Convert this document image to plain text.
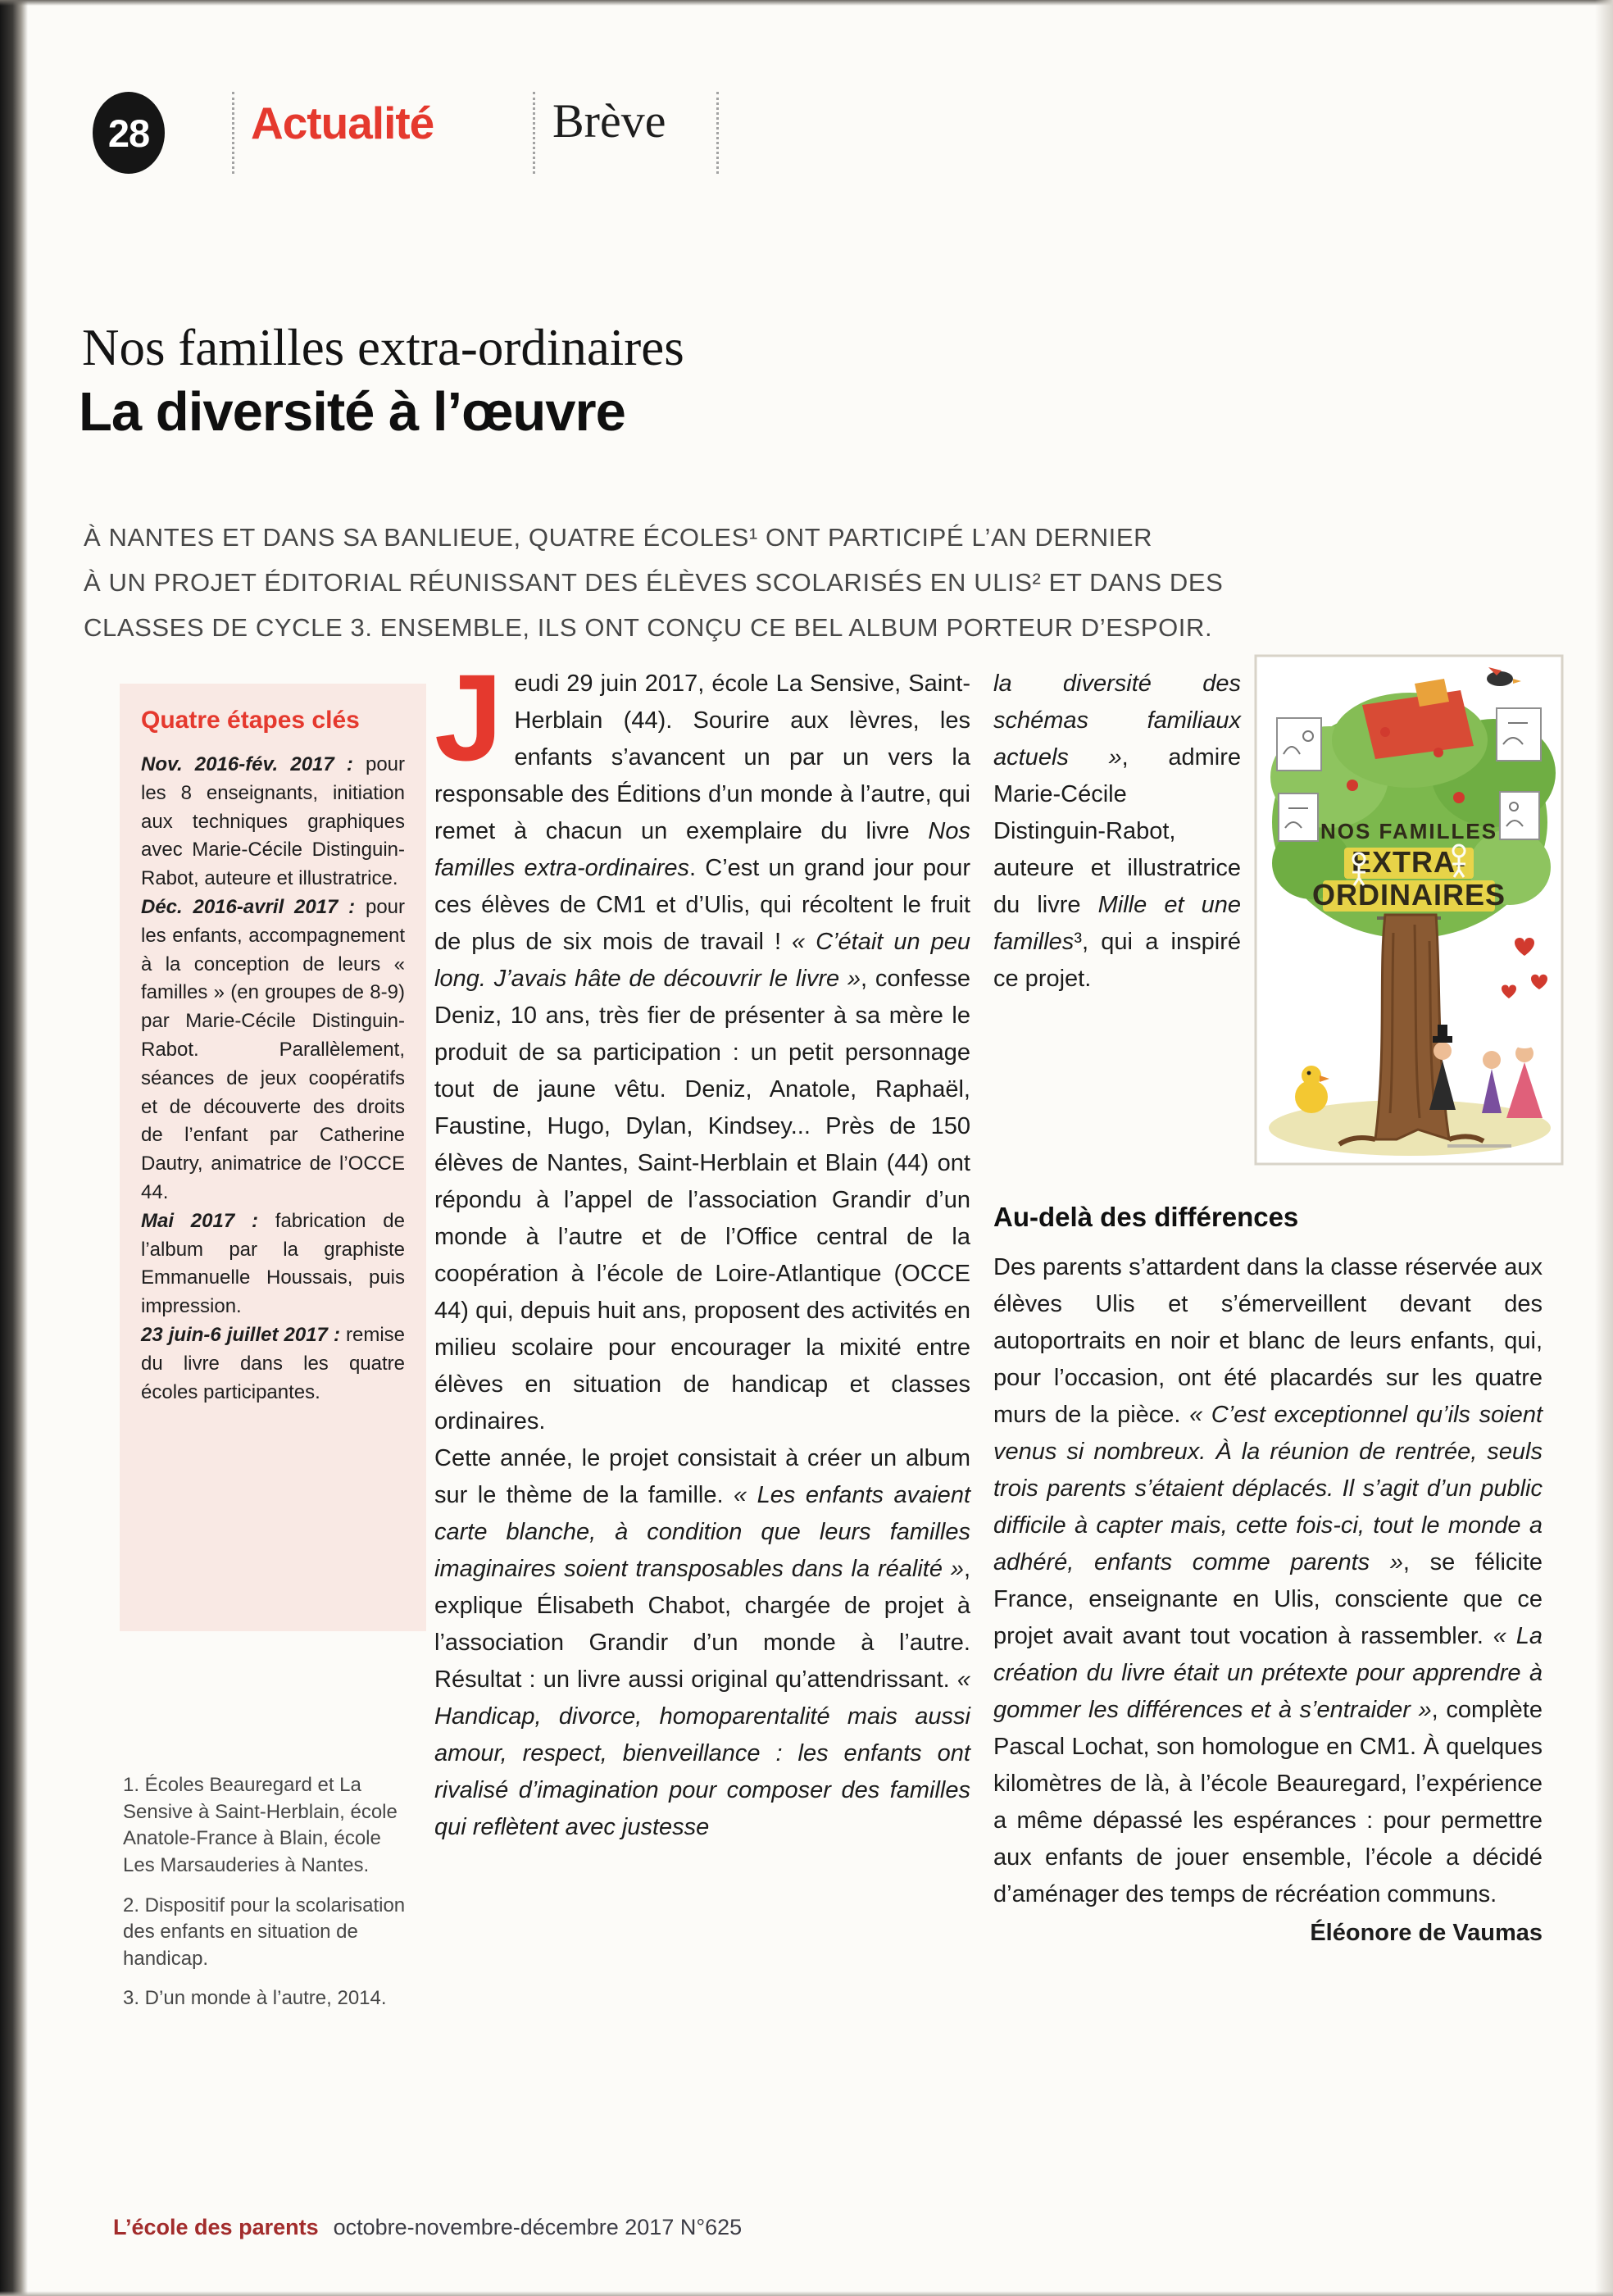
28 Actualité Brève
Nos familles extra-ordinaires
La diversité à l’œuvre
À NANTES ET DANS SA BANLIEUE, QUATRE ÉCOLES¹ ONT PARTICIPÉ L’AN DERNIER
À UN PROJET ÉDITORIAL RÉUNISSANT DES ÉLÈVES SCOLARISÉS EN ULIS² ET DANS DES
CLASSES DE CYCLE 3. ENSEMBLE, ILS ONT CONÇU CE BEL ALBUM PORTEUR D’ESPOIR.

Quatre étapes clés

Nov. 2016-fév. 2017 : pour les 8 enseignants, initiation aux techniques graphiques avec Marie-Cécile Distinguin-Rabot, auteure et illustratrice.
Déc. 2016-avril 2017 : pour les enfants, accompagnement à la conception de leurs « familles » (en groupes de 8-9) par Marie-Cécile Distinguin-Rabot. Parallèlement, séances de jeux coopératifs et de découverte des droits de l’enfant par Catherine Dautry, animatrice de l’OCCE 44.
Mai 2017 : fabrication de l’album par la graphiste Emmanuelle Houssais, puis impression.
23 juin-6 juillet 2017 : remise du livre dans les quatre écoles participantes.

1. Écoles Beauregard et La Sensive à Saint-Herblain, école Anatole-France à Blain, école Les Marsauderies à Nantes.

2. Dispositif pour la scolarisation des enfants en situation de handicap.

3. D’un monde à l’autre, 2014.

Jeudi 29 juin 2017, école La Sensive, Saint-Herblain (44). Sourire aux lèvres, les enfants s’avancent un par un vers la responsable des Éditions d’un monde à l’autre, qui remet à chacun un exemplaire du livre Nos familles extra-ordinaires. C’est un grand jour pour ces élèves de CM1 et d’Ulis, qui récoltent le fruit de plus de six mois de travail ! « C’était un peu long. J’avais hâte de découvrir le livre », confesse Deniz, 10 ans, très fier de présenter à sa mère le produit de sa participation : un petit personnage tout de jaune vêtu. Deniz, Anatole, Raphaël, Faustine, Hugo, Dylan, Kindsey... Près de 150 élèves de Nantes, Saint-Herblain et Blain (44) ont répondu à l’appel de l’association Grandir d’un monde à l’autre et de l’Office central de la coopération à l’école de Loire-Atlantique (OCCE 44) qui, depuis huit ans, proposent des activités en milieu scolaire pour encourager la mixité entre élèves en situation de handicap et classes ordinaires.

Cette année, le projet consistait à créer un album sur le thème de la famille. « Les enfants avaient carte blanche, à condition que leurs familles imaginaires soient transposables dans la réalité », explique Élisabeth Chabot, chargée de projet à l’association Grandir d’un monde à l’autre. Résultat : un livre aussi original qu’attendrissant. « Handicap, divorce, homoparentalité mais aussi amour, respect, bienveillance : les enfants ont rivalisé d’imagination pour composer des familles qui reflètent avec justesse

la diversité des schémas familiaux actuels », admire Marie-Cécile Distinguin-Rabot, auteure et illustratrice du livre Mille et une familles³, qui a inspiré ce projet.
NOS FAMILLES
EXTRA-
ORDINAIRES
Au-delà des différences

Des parents s’attardent dans la classe réservée aux élèves Ulis et s’émerveillent devant des autoportraits en noir et blanc de leurs enfants, qui, pour l’occasion, ont été placardés sur les quatre murs de la pièce. « C’est exceptionnel qu’ils soient venus si nombreux. À la réunion de rentrée, seuls trois parents s’étaient déplacés. Il s’agit d’un public difficile à capter mais, cette fois-ci, tout le monde a adhéré, enfants comme parents », se félicite France, enseignante en Ulis, consciente que ce projet avait avant tout vocation à rassembler. « La création du livre était un prétexte pour apprendre à gommer les différences et à s’entraider », complète Pascal Lochat, son homologue en CM1. À quelques kilomètres de là, à l’école Beauregard, l’expérience a même dépassé les espérances : pour permettre aux enfants de jouer ensemble, l’école a décidé d’aménager des temps de récréation communs.

Éléonore de Vaumas
L’école des parents octobre-novembre-décembre 2017 N°625
